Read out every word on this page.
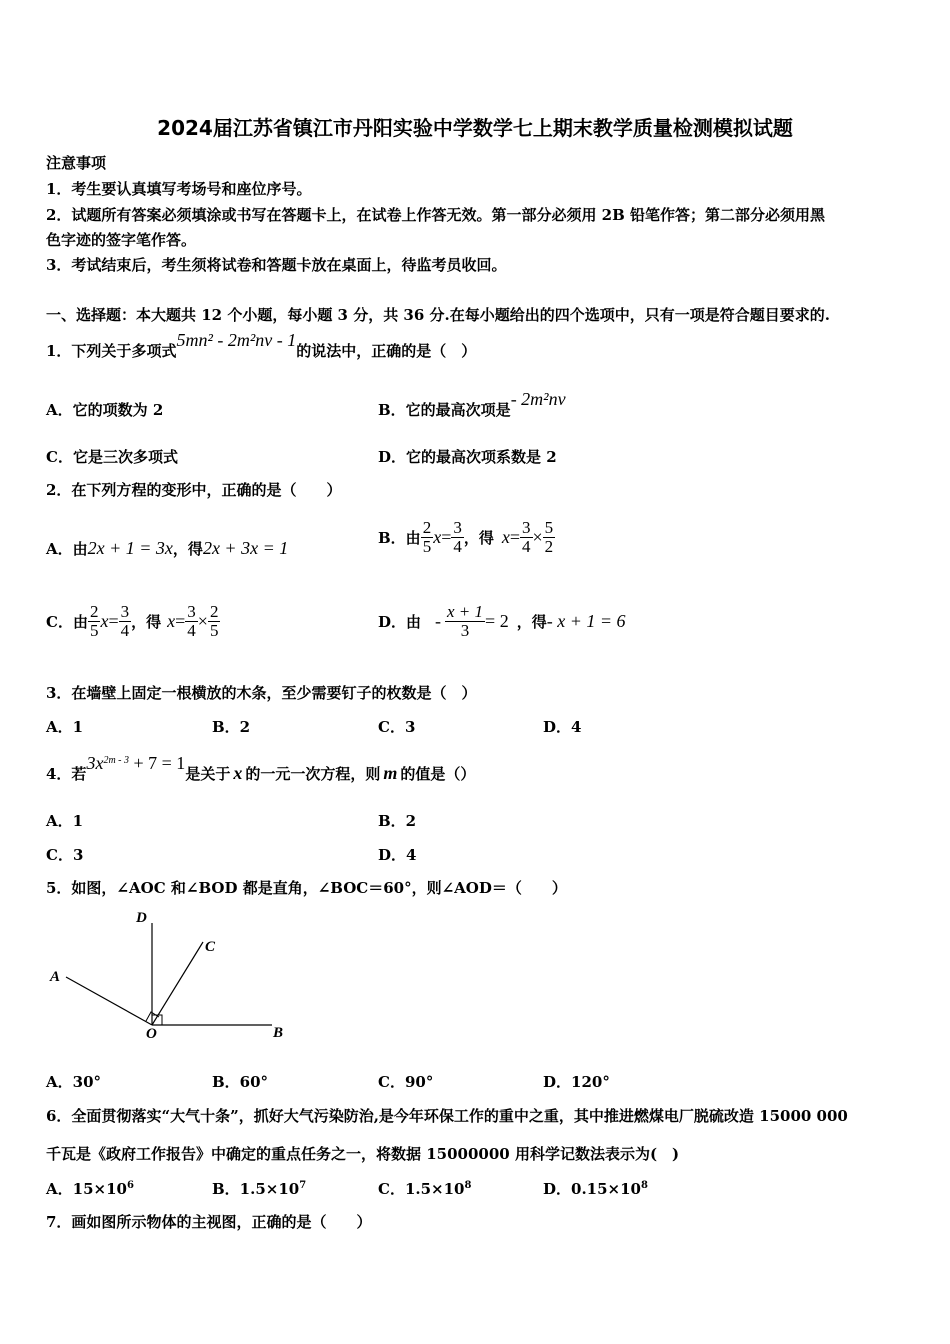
2024届江苏省镇江市丹阳实验中学数学七上期末教学质量检测模拟试题
注意事项
1．考生要认真填写考场号和座位序号。
2．试题所有答案必须填涂或书写在答题卡上，在试卷上作答无效。第一部分必须用 2B 铅笔作答；第二部分必须用黑
色字迹的签字笔作答。
3．考试结束后，考生须将试卷和答题卡放在桌面上，待监考员收回。
一、选择题：本大题共 12 个小题，每小题 3 分，共 36 分.在每小题给出的四个选项中，只有一项是符合题目要求的.
1．下列关于多项式5mn² - 2m²nv - 1的说法中，正确的是（　）
A．它的项数为 2	B．它的最高次项是- 2m²nv
C．它是三次多项式	D．它的最高次项系数是 2
2．在下列方程的变形中，正确的是（　　）
A．由2x + 1 = 3x，得2x + 3x = 1
B．由 $\frac{2}{5}$ $x = \frac{3}{4}$ ，得 $x = \frac{3}{4} \times \frac{5}{2}$
C．由 $\frac{2}{5}$ $x = \frac{3}{4}$ ，得 $x = \frac{3}{4} \times \frac{2}{5}$	D．由 - $\frac{x + 1}{3} = 2$ ，得 - x + 1 = 6
3．在墙壁上固定一根横放的木条，至少需要钉子的枚数是（　）
A．1	B．2	C．3	D．4
4．若$3x^{2m - 3} + 7 = 1$是关于 x 的一元一次方程，则 m 的值是（）
A．1	B．2
C．3	D．4
5．如图，∠AOC 和∠BOD 都是直角，∠BOC＝60°，则∠AOD＝（　　）
D
C
A
O	B
A．30°	B．60°	C．90°	D．120°
6．全面贯彻落实“大气十条”，抓好大气污染防治,是今年环保工作的重中之重，其中推进燃煤电厂脱硫改造 15000 000
千瓦是《政府工作报告》中确定的重点任务之一，将数据 15000000 用科学记数法表示为(　)
A．$15\times 10^6$	B．$1.5\times 10^7$	C．$1.5\times 10^8$	D．$0.15\times 10^8$
7．画如图所示物体的主视图，正确的是（　　）
